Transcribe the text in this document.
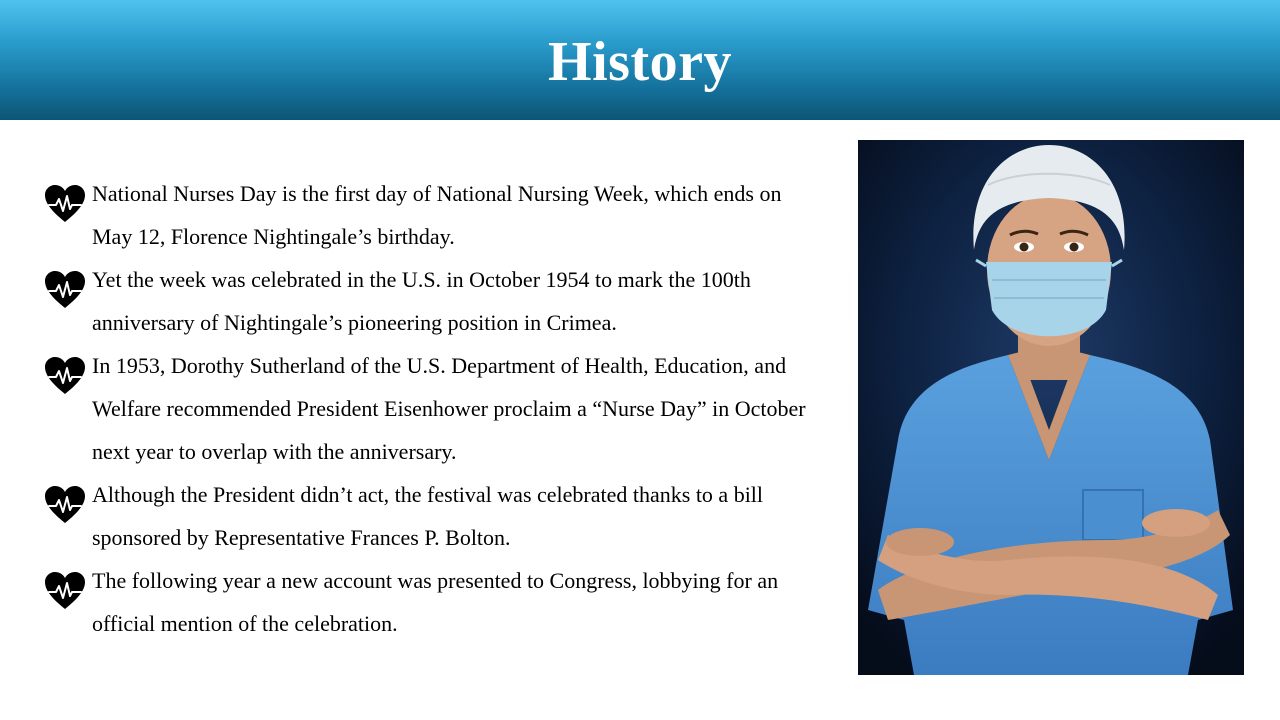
History
National Nurses Day is the first day of National Nursing Week, which ends on May 12, Florence Nightingale’s birthday.
Yet the week was celebrated in the U.S. in October 1954 to mark the 100th anniversary of Nightingale’s pioneering position in Crimea.
In 1953, Dorothy Sutherland of the U.S. Department of Health, Education, and Welfare recommended President Eisenhower proclaim a “Nurse Day” in October next year to overlap with the anniversary.
Although the President didn’t act, the festival was celebrated thanks to a bill sponsored by Representative Frances P. Bolton.
The following year a new account was presented to Congress, lobbying for an official mention of the celebration.
